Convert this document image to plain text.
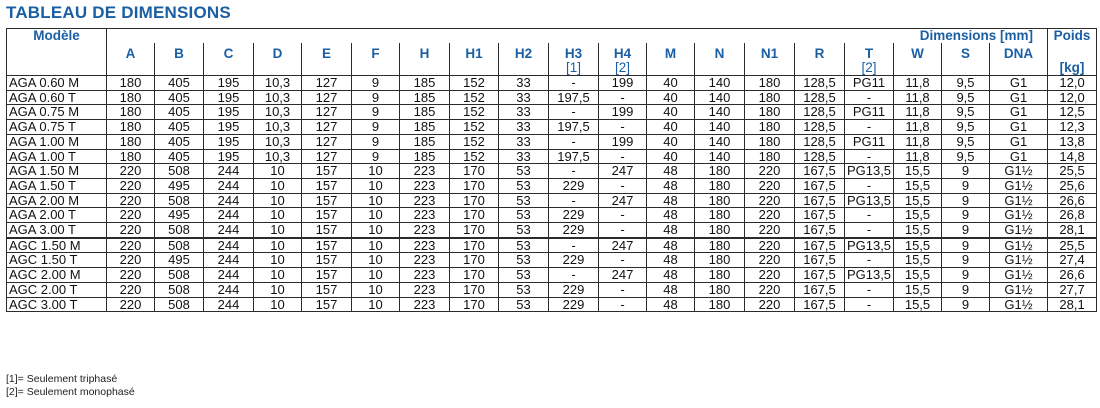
TABLEAU DE DIMENSIONS
Modèle	Dimensions [mm]																			Poids
	A	B	C	D	E	F	H	H1	H2	H3	H4	M	N	N1	R	T	W	S	DNA	
										[1]	[2]					[2]				[kg]
AGA 0.60 M	180	405	195	10,3	127	9	185	152	33	-	199	40	140	180	128,5	PG11	11,8	9,5	G1	12,0
AGA 0.60 T	180	405	195	10,3	127	9	185	152	33	197,5	-	40	140	180	128,5	-	11,8	9,5	G1	12,0
AGA 0.75 M	180	405	195	10,3	127	9	185	152	33	-	199	40	140	180	128,5	PG11	11,8	9,5	G1	12,5
AGA 0.75 T	180	405	195	10,3	127	9	185	152	33	197,5	-	40	140	180	128,5	-	11,8	9,5	G1	12,3
AGA 1.00 M	180	405	195	10,3	127	9	185	152	33	-	199	40	140	180	128,5	PG11	11,8	9,5	G1	13,8
AGA 1.00 T	180	405	195	10,3	127	9	185	152	33	197,5	-	40	140	180	128,5	-	11,8	9,5	G1	14,8
AGA 1.50 M	220	508	244	10	157	10	223	170	53	-	247	48	180	220	167,5	PG13,5	15,5	9	G1½	25,5
AGA 1.50 T	220	495	244	10	157	10	223	170	53	229	-	48	180	220	167,5	-	15,5	9	G1½	25,6
AGA 2.00 M	220	508	244	10	157	10	223	170	53	-	247	48	180	220	167,5	PG13,5	15,5	9	G1½	26,6
AGA 2.00 T	220	495	244	10	157	10	223	170	53	229	-	48	180	220	167,5	-	15,5	9	G1½	26,8
AGA 3.00 T	220	508	244	10	157	10	223	170	53	229	-	48	180	220	167,5	-	15,5	9	G1½	28,1
AGC 1.50 M	220	508	244	10	157	10	223	170	53	-	247	48	180	220	167,5	PG13,5	15,5	9	G1½	25,5
AGC 1.50 T	220	495	244	10	157	10	223	170	53	229	-	48	180	220	167,5	-	15,5	9	G1½	27,4
AGC 2.00 M	220	508	244	10	157	10	223	170	53	-	247	48	180	220	167,5	PG13,5	15,5	9	G1½	26,6
AGC 2.00 T	220	508	244	10	157	10	223	170	53	229	-	48	180	220	167,5	-	15,5	9	G1½	27,7
AGC 3.00 T	220	508	244	10	157	10	223	170	53	229	-	48	180	220	167,5	-	15,5	9	G1½	28,1
[1]= Seulement triphasé
[2]= Seulement monophasé
